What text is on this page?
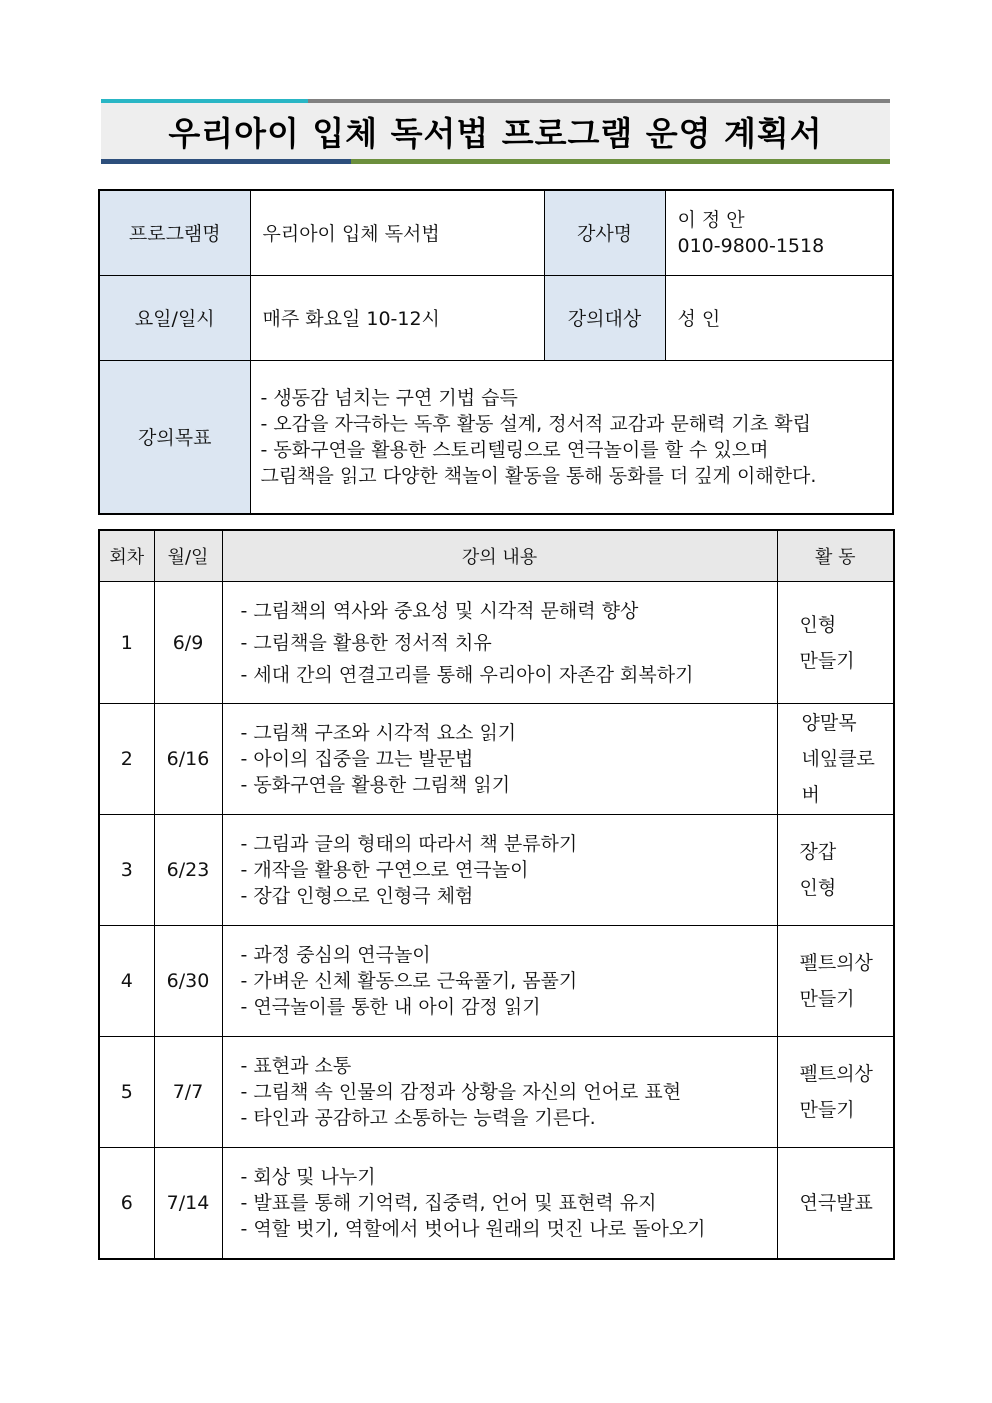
우리아이 입체 독서법 프로그램 운영 계획서
프로그램명	우리아이 입체 독서법	강사명	이 정 안
010-9800-1518

요일/일시	매주 화요일 10-12시	강의대상	성 인
강의목표	- 생동감 넘치는 구연 기법 습득
- 오감을 자극하는 독후 활동 설계, 정서적 교감과 문해력 기초 확립
- 동화구연을 활용한 스토리텔링으로 연극놀이를 할 수 있으며
그림책을 읽고 다양한 책놀이 활동을 통해 동화를 더 깊게 이해한다.		
회차	월/일	강의 내용	활 동
1	6/9	- 그림책의 역사와 중요성 및 시각적 문해력 향상
- 그림책을 활용한 정서적 치유
- 세대 간의 연결고리를 통해 우리아이 자존감 회복하기	인형
만들기

2	6/16	- 그림책 구조와 시각적 요소 읽기
- 아이의 집중을 끄는 발문법
- 동화구연을 활용한 그림책 읽기	양말목
네잎클로
버

3	6/23	- 그림과 글의 형태의 따라서 책 분류하기
- 개작을 활용한 구연으로 연극놀이
- 장갑 인형으로 인형극 체험	장갑
인형

4	6/30	- 과정 중심의 연극놀이
- 가벼운 신체 활동으로 근육풀기, 몸풀기
- 연극놀이를 통한 내 아이 감정 읽기	펠트의상
만들기

5	7/7	- 표현과 소통
- 그림책 속 인물의 감정과 상황을 자신의 언어로 표현
- 타인과 공감하고 소통하는 능력을 기른다.	펠트의상
만들기

6	7/14	- 회상 및 나누기
- 발표를 통해 기억력, 집중력, 언어 및 표현력 유지
- 역할 벗기, 역할에서 벗어나 원래의 멋진 나로 돌아오기	연극발표
